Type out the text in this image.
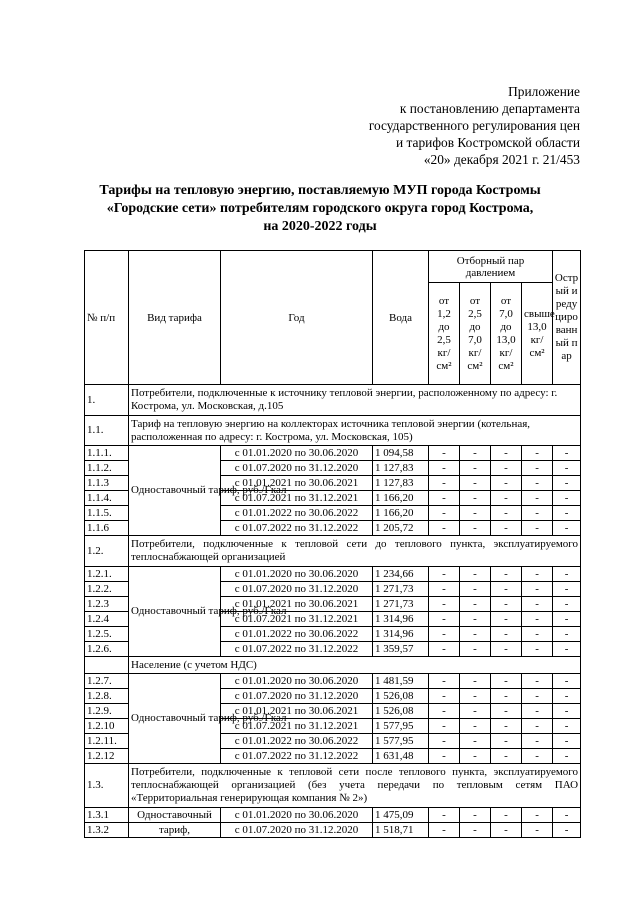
Приложение
к постановлению департамента
государственного регулирования цен
и тарифов Костромской области
«20» декабря 2021 г. 21/453
Тарифы на тепловую энергию, поставляемую МУП города Костромы
«Городские сети» потребителям городского округа город Кострома,
на 2020-2022 годы
№ п/п	Вид тарифа	Год	Вода	Отборный пар давлением				Острый и редуцированный пар
				от 1,2 до 2,5 кг/см²	от 2,5 до 7,0 кг/см²	от 7,0 до 13,0 кг/см²	свыше 13,0 кг/см²	
1.	Потребители, подключенные к источнику тепловой энергии, расположенному по адресу: г. Кострома, ул. Московская, д.105							
1.1.	Тариф на тепловую энергию на коллекторах источника тепловой энергии (котельная, расположенная по адресу: г. Кострома, ул. Московская, 105)							
1.1.1.	Одноставочный тариф, руб./Гкал	с 01.01.2020 по 30.06.2020	1 094,58	-	-	-	-	-
1.1.2.		с 01.07.2020 по 31.12.2020	1 127,83	-	-	-	-	-
1.1.3		с 01.01.2021 по 30.06.2021	1 127,83	-	-	-	-	-
1.1.4.		с 01.07.2021 по 31.12.2021	1 166,20	-	-	-	-	-
1.1.5.		с 01.01.2022 по 30.06.2022	1 166,20	-	-	-	-	-
1.1.6		с 01.07.2022 по 31.12.2022	1 205,72	-	-	-	-	-
1.2.	Потребители, подключенные к тепловой сети до теплового пункта, эксплуатируемого теплоснабжающей организацией							
1.2.1.	Одноставочный тариф, руб./Гкал	с 01.01.2020 по 30.06.2020	1 234,66	-	-	-	-	-
1.2.2.		с 01.07.2020 по 31.12.2020	1 271,73	-	-	-	-	-
1.2.3		с 01.01.2021 по 30.06.2021	1 271,73	-	-	-	-	-
1.2.4		с 01.07.2021 по 31.12.2021	1 314,96	-	-	-	-	-
1.2.5.		с 01.01.2022 по 30.06.2022	1 314,96	-	-	-	-	-
1.2.6.		с 01.07.2022 по 31.12.2022	1 359,57	-	-	-	-	-
	Население (с учетом НДС)							
1.2.7.	Одноставочный тариф, руб./Гкал	с 01.01.2020 по 30.06.2020	1 481,59	-	-	-	-	-
1.2.8.		с 01.07.2020 по 31.12.2020	1 526,08	-	-	-	-	-
1.2.9.		с 01.01.2021 по 30.06.2021	1 526,08	-	-	-	-	-
1.2.10		с 01.07.2021 по 31.12.2021	1 577,95	-	-	-	-	-
1.2.11.		с 01.01.2022 по 30.06.2022	1 577,95	-	-	-	-	-
1.2.12		с 01.07.2022 по 31.12.2022	1 631,48	-	-	-	-	-
1.3.	Потребители, подключенные к тепловой сети после теплового пункта, эксплуатируемого теплоснабжающей организацией (без учета передачи по тепловым сетям ПАО «Территориальная генерирующая компания № 2»)							
1.3.1	Одноставочный	с 01.01.2020 по 30.06.2020	1 475,09	-	-	-	-	-
1.3.2	тариф,	с 01.07.2020 по 31.12.2020	1 518,71	-	-	-	-	-
